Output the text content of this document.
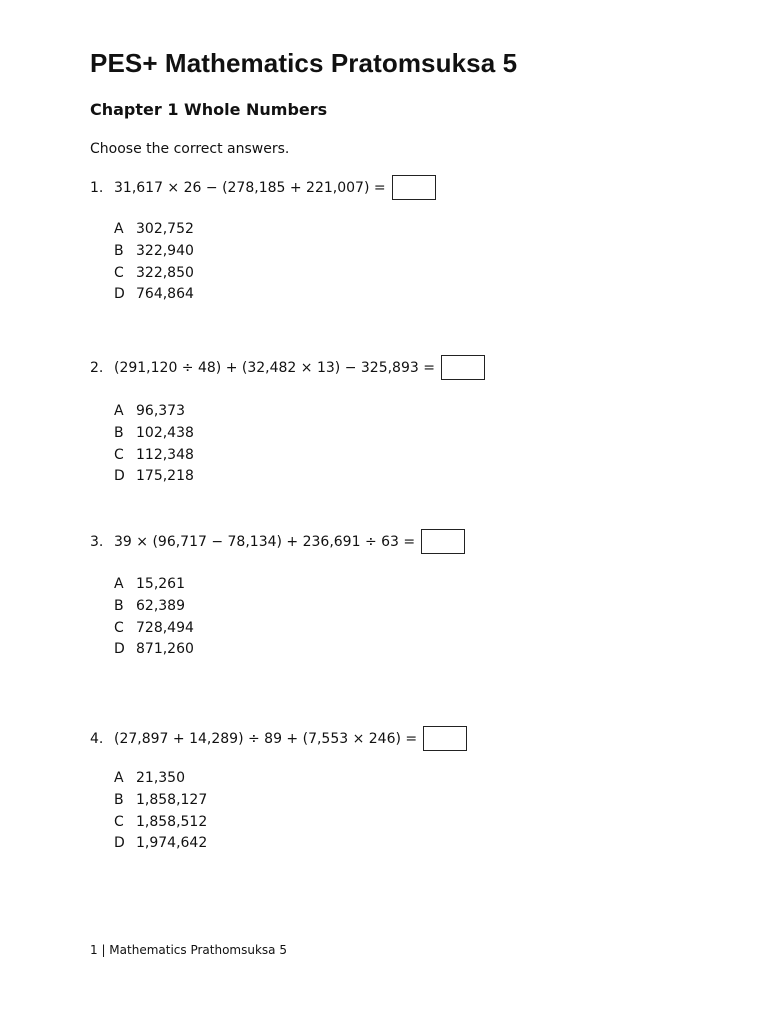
PES+ Mathematics Pratomsuksa 5
Chapter 1 Whole Numbers
Choose the correct answers.
1. 31,617 × 26 − (278,185 + 221,007) =
A 302,752
B 322,940
C 322,850
D 764,864
2. (291,120 ÷ 48) + (32,482 × 13) − 325,893 =
A 96,373
B 102,438
C 112,348
D 175,218
3. 39 × (96,717 − 78,134) + 236,691 ÷ 63 =
A 15,261
B 62,389
C 728,494
D 871,260
4. (27,897 + 14,289) ÷ 89 + (7,553 × 246) =
A 21,350
B 1,858,127
C 1,858,512
D 1,974,642
1 | Mathematics Prathomsuksa 5
